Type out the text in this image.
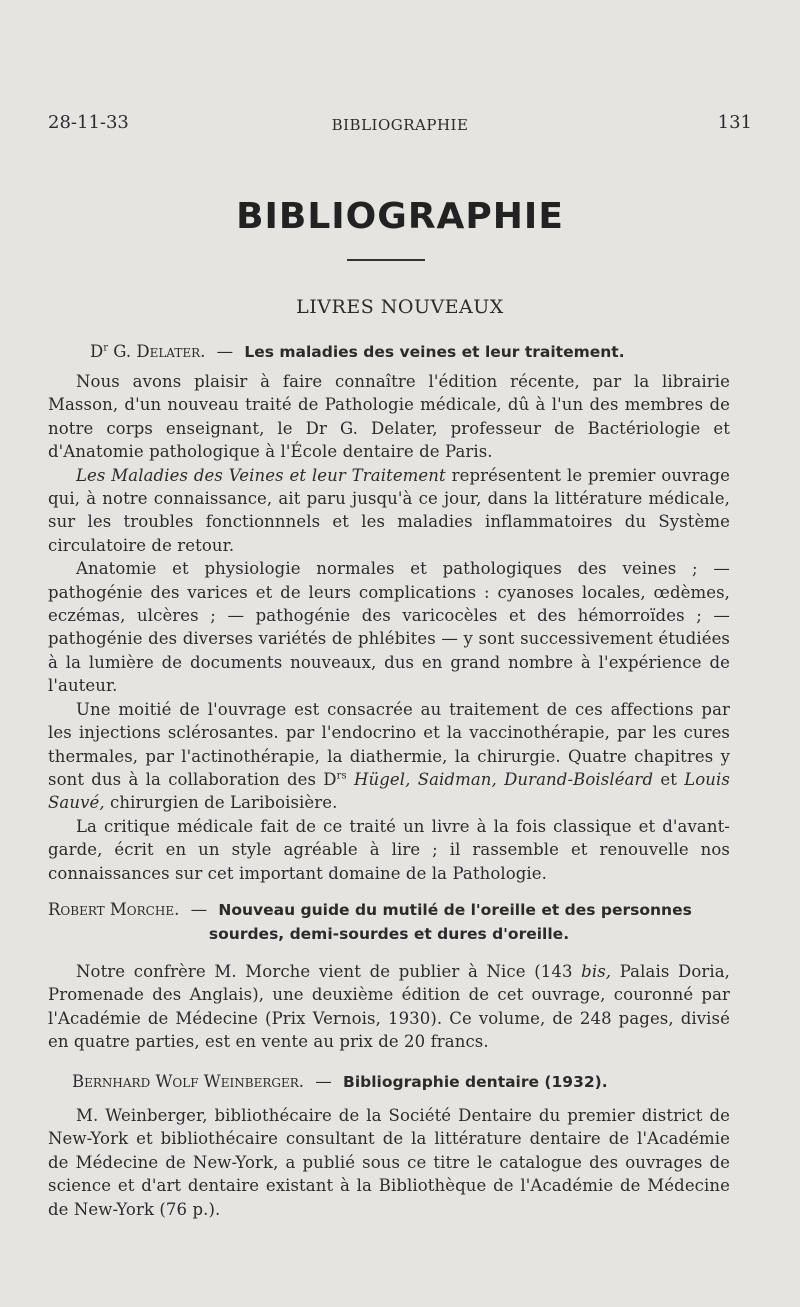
28-11-33	BIBLIOGRAPHIE	131
BIBLIOGRAPHIE
LIVRES NOUVEAUX
$D^r$ G. Delater. — Les maladies des veines et leur traitement.

Nous avons plaisir à faire connaître l'édition récente, par la librairie Masson, d'un nouveau traité de Pathologie médicale, dû à l'un des membres de notre corps enseignant, le Dr G. Delater, professeur de Bactériologie et d'Anatomie pathologique à l'École dentaire de Paris.

Les Maladies des Veines et leur Traitement représentent le premier ouvrage qui, à notre connaissance, ait paru jusqu'à ce jour, dans la littérature médicale, sur les troubles fonctionnnels et les maladies inflammatoires du Système circulatoire de retour.

Anatomie et physiologie normales et pathologiques des veines ; — pathogénie des varices et de leurs complications : cyanoses locales, œdèmes, eczémas, ulcères ; — pathogénie des varicocèles et des hémorroïdes ; — pathogénie des diverses variétés de phlébites — y sont successivement étudiées à la lumière de documents nouveaux, dus en grand nombre à l'expérience de l'auteur.

Une moitié de l'ouvrage est consacrée au traitement de ces affections par les injections sclérosantes. par l'endocrino et la vaccinothérapie, par les cures thermales, par l'actinothérapie, la diathermie, la chirurgie. Quatre chapitres y sont dus à la collaboration des $D^{rs}$ Hügel, Saidman, Durand-Boisléard et Louis Sauvé, chirurgien de Lariboisière.

La critique médicale fait de ce traité un livre à la fois classique et d'avant-garde, écrit en un style agréable à lire ; il rassemble et renouvelle nos connaissances sur cet important domaine de la Pathologie.

Robert Morche. — Nouveau guide du mutilé de l'oreille et des personnes
sourdes, demi-sourdes et dures d'oreille.

Notre confrère M. Morche vient de publier à Nice (143 bis, Palais Doria, Promenade des Anglais), une deuxième édition de cet ouvrage, couronné par l'Académie de Médecine (Prix Vernois, 1930). Ce volume, de 248 pages, divisé en quatre parties, est en vente au prix de 20 francs.

Bernhard Wolf Weinberger. — Bibliographie dentaire (1932).

M. Weinberger, bibliothécaire de la Société Dentaire du premier district de New-York et bibliothécaire consultant de la littérature dentaire de l'Académie de Médecine de New-York, a publié sous ce titre le catalogue des ouvrages de science et d'art dentaire existant à la Bibliothèque de l'Académie de Médecine de New-York (76 p.).
